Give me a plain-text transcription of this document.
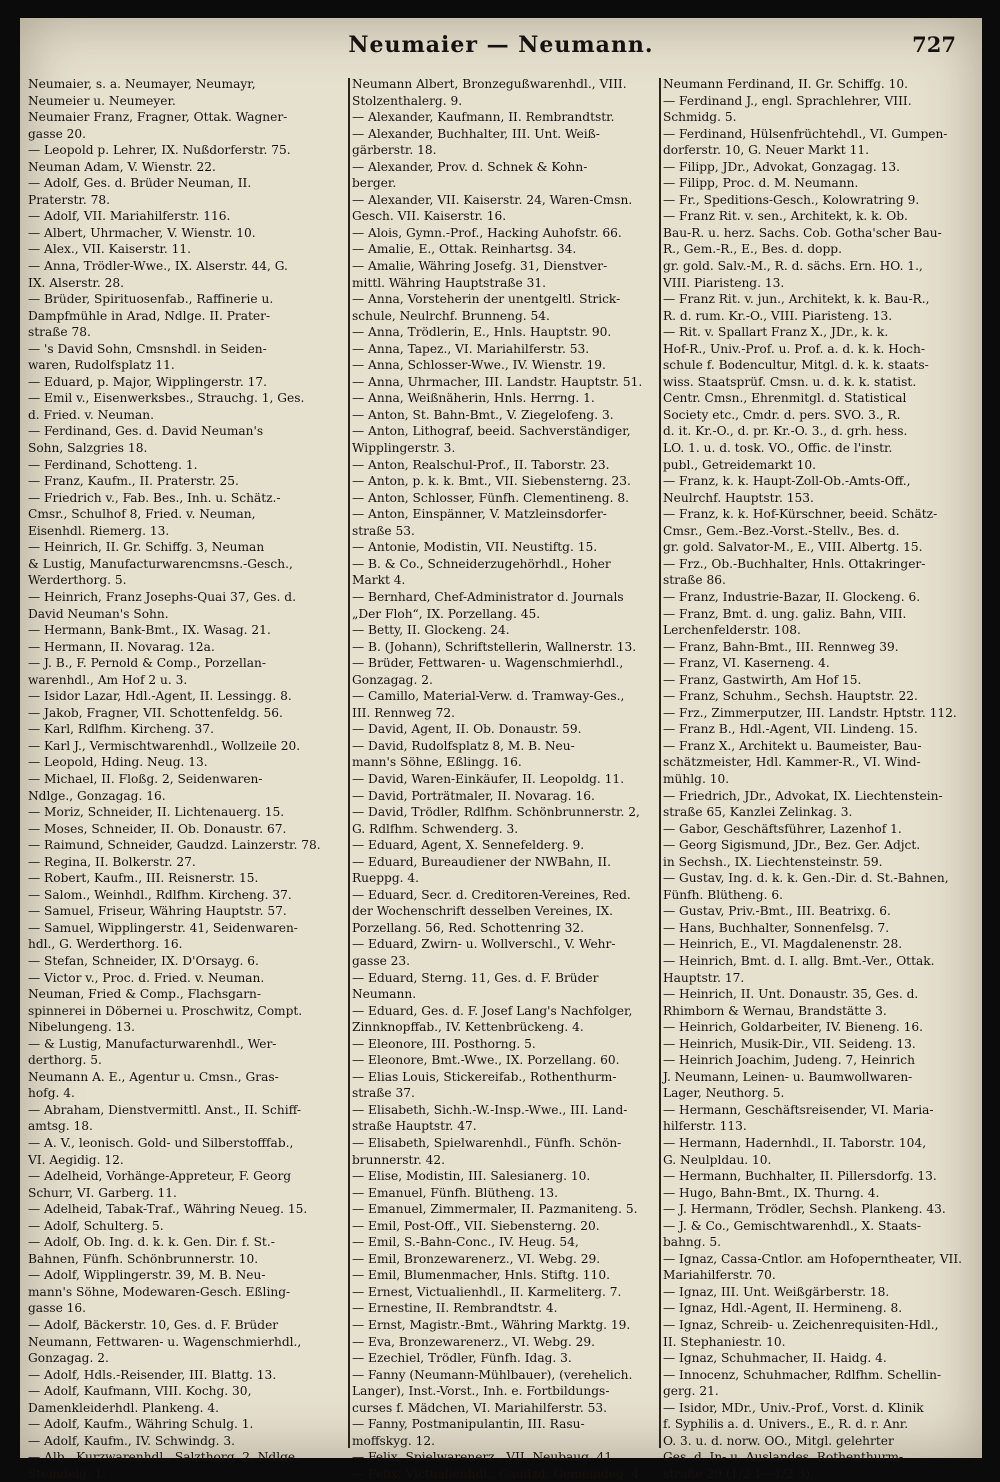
Neumaier — Neumann.	727
Neumaier, s. a. Neumayer, Neumayr,
Neumeier u. Neumeyer.
Neumaier Franz, Fragner, Ottak. Wagner-
gasse 20.
— Leopold p. Lehrer, IX. Nußdorferstr. 75.
Neuman Adam, V. Wienstr. 22.
— Adolf, Ges. d. Brüder Neuman, II.
Praterstr. 78.
— Adolf, VII. Mariahilferstr. 116.
— Albert, Uhrmacher, V. Wienstr. 10.
— Alex., VII. Kaiserstr. 11.
— Anna, Trödler-Wwe., IX. Alserstr. 44, G.
IX. Alserstr. 28.
— Brüder, Spirituosenfab., Raffinerie u.
Dampfmühle in Arad, Ndlge. II. Prater-
straße 78.
— 's David Sohn, Cmsnshdl. in Seiden-
waren, Rudolfsplatz 11.
— Eduard, p. Major, Wipplingerstr. 17.
— Emil v., Eisenwerksbes., Strauchg. 1, Ges.
d. Fried. v. Neuman.
— Ferdinand, Ges. d. David Neuman's
Sohn, Salzgries 18.
— Ferdinand, Schotteng. 1.
— Franz, Kaufm., II. Praterstr. 25.
— Friedrich v., Fab. Bes., Inh. u. Schätz.-
Cmsr., Schulhof 8, Fried. v. Neuman,
Eisenhdl. Riemerg. 13.
— Heinrich, II. Gr. Schiffg. 3, Neuman
& Lustig, Manufacturwarencmsns.-Gesch.,
Werderthorg. 5.
— Heinrich, Franz Josephs-Quai 37, Ges. d.
David Neuman's Sohn.
— Hermann, Bank-Bmt., IX. Wasag. 21.
— Hermann, II. Novarag. 12a.
— J. B., F. Pernold & Comp., Porzellan-
warenhdl., Am Hof 2 u. 3.
— Isidor Lazar, Hdl.-Agent, II. Lessingg. 8.
— Jakob, Fragner, VII. Schottenfeldg. 56.
— Karl, Rdlfhm. Kircheng. 37.
— Karl J., Vermischtwarenhdl., Wollzeile 20.
— Leopold, Hding. Neug. 13.
— Michael, II. Floßg. 2, Seidenwaren-
Ndlge., Gonzagag. 16.
— Moriz, Schneider, II. Lichtenauerg. 15.
— Moses, Schneider, II. Ob. Donaustr. 67.
— Raimund, Schneider, Gaudzd. Lainzerstr. 78.
— Regina, II. Bolkerstr. 27.
— Robert, Kaufm., III. Reisnerstr. 15.
— Salom., Weinhdl., Rdlfhm. Kircheng. 37.
— Samuel, Friseur, Währing Hauptstr. 57.
— Samuel, Wipplingerstr. 41, Seidenwaren-
hdl., G. Werderthorg. 16.
— Stefan, Schneider, IX. D'Orsayg. 6.
— Victor v., Proc. d. Fried. v. Neuman.
Neuman, Fried & Comp., Flachsgarn-
spinnerei in Döbernei u. Proschwitz, Compt.
Nibelungeng. 13.
— & Lustig, Manufacturwarenhdl., Wer-
derthorg. 5.
Neumann A. E., Agentur u. Cmsn., Gras-
hofg. 4.
— Abraham, Dienstvermittl. Anst., II. Schiff-
amtsg. 18.
— A. V., leonisch. Gold- und Silberstofffab.,
VI. Aegidig. 12.
— Adelheid, Vorhänge-Appreteur, F. Georg
Schurr, VI. Garberg. 11.
— Adelheid, Tabak-Traf., Währing Neueg. 15.
— Adolf, Schulterg. 5.
— Adolf, Ob. Ing. d. k. k. Gen. Dir. f. St.-
Bahnen, Fünfh. Schönbrunnerstr. 10.
— Adolf, Wipplingerstr. 39, M. B. Neu-
mann's Söhne, Modewaren-Gesch. Eßling-
gasse 16.
— Adolf, Bäckerstr. 10, Ges. d. F. Brüder
Neumann, Fettwaren- u. Wagenschmierhdl.,
Gonzagag. 2.
— Adolf, Hdls.-Reisender, III. Blattg. 13.
— Adolf, Kaufmann, VIII. Kochg. 30,
Damenkleiderhdl. Plankeng. 4.
— Adolf, Kaufm., Währing Schulg. 1.
— Adolf, Kaufm., IV. Schwindg. 3.
— Alb., Kurzwarenhdl., Salzthorg. 2, Ndlge.
Steindelg. 1.
Neumann Albert, Bronzegußwarenhdl., VIII.
Stolzenthalerg. 9.
— Alexander, Kaufmann, II. Rembrandtstr.
— Alexander, Buchhalter, III. Unt. Weiß-
gärberstr. 18.
— Alexander, Prov. d. Schnek & Kohn-
berger.
— Alexander, VII. Kaiserstr. 24, Waren-Cmsn.
Gesch. VII. Kaiserstr. 16.
— Alois, Gymn.-Prof., Hacking Auhofstr. 66.
— Amalie, E., Ottak. Reinhartsg. 34.
— Amalie, Währing Josefg. 31, Dienstver-
mittl. Währing Hauptstraße 31.
— Anna, Vorsteherin der unentgeltl. Strick-
schule, Neulrchf. Brunneng. 54.
— Anna, Trödlerin, E., Hnls. Hauptstr. 90.
— Anna, Tapez., VI. Mariahilferstr. 53.
— Anna, Schlosser-Wwe., IV. Wienstr. 19.
— Anna, Uhrmacher, III. Landstr. Hauptstr. 51.
— Anna, Weißnäherin, Hnls. Herrng. 1.
— Anton, St. Bahn-Bmt., V. Ziegelofeng. 3.
— Anton, Lithograf, beeid. Sachverständiger,
Wipplingerstr. 3.
— Anton, Realschul-Prof., II. Taborstr. 23.
— Anton, p. k. k. Bmt., VII. Siebensterng. 23.
— Anton, Schlosser, Fünfh. Clementineng. 8.
— Anton, Einspänner, V. Matzleinsdorfer-
straße 53.
— Antonie, Modistin, VII. Neustiftg. 15.
— B. & Co., Schneiderzugehörhdl., Hoher
Markt 4.
— Bernhard, Chef-Administrator d. Journals
„Der Floh“, IX. Porzellang. 45.
— Betty, II. Glockeng. 24.
— B. (Johann), Schriftstellerin, Wallnerstr. 13.
— Brüder, Fettwaren- u. Wagenschmierhdl.,
Gonzagag. 2.
— Camillo, Material-Verw. d. Tramway-Ges.,
III. Rennweg 72.
— David, Agent, II. Ob. Donaustr. 59.
— David, Rudolfsplatz 8, M. B. Neu-
mann's Söhne, Eßlingg. 16.
— David, Waren-Einkäufer, II. Leopoldg. 11.
— David, Porträtmaler, II. Novarag. 16.
— David, Trödler, Rdlfhm. Schönbrunnerstr. 2,
G. Rdlfhm. Schwenderg. 3.
— Eduard, Agent, X. Sennefelderg. 9.
— Eduard, Bureaudiener der NWBahn, II.
Rueppg. 4.
— Eduard, Secr. d. Creditoren-Vereines, Red.
der Wochenschrift desselben Vereines, IX.
Porzellang. 56, Red. Schottenring 32.
— Eduard, Zwirn- u. Wollverschl., V. Wehr-
gasse 23.
— Eduard, Sterng. 11, Ges. d. F. Brüder
Neumann.
— Eduard, Ges. d. F. Josef Lang's Nachfolger,
Zinnknopffab., IV. Kettenbrückeng. 4.
— Eleonore, III. Posthorng. 5.
— Eleonore, Bmt.-Wwe., IX. Porzellang. 60.
— Elias Louis, Stickereifab., Rothenthurm-
straße 37.
— Elisabeth, Sichh.-W.-Insp.-Wwe., III. Land-
straße Hauptstr. 47.
— Elisabeth, Spielwarenhdl., Fünfh. Schön-
brunnerstr. 42.
— Elise, Modistin, III. Salesianerg. 10.
— Emanuel, Fünfh. Blütheng. 13.
— Emanuel, Zimmermaler, II. Pazmaniteng. 5.
— Emil, Post-Off., VII. Siebensterng. 20.
— Emil, S.-Bahn-Conc., IV. Heug. 54,
— Emil, Bronzewarenerz., VI. Webg. 29.
— Emil, Blumenmacher, Hnls. Stiftg. 110.
— Ernest, Victualienhdl., II. Karmeliterg. 7.
— Ernestine, II. Rembrandtstr. 4.
— Ernst, Magistr.-Bmt., Währing Marktg. 19.
— Eva, Bronzewarenerz., VI. Webg. 29.
— Ezechiel, Trödler, Fünfh. Idag. 3.
— Fanny (Neumann-Mühlbauer), (verehelich.
Langer), Inst.-Vorst., Inh. e. Fortbildungs-
curses f. Mädchen, VI. Mariahilferstr. 53.
— Fanny, Postmanipulantin, III. Rasu-
moffskyg. 12.
— Felix, Spielwarenerz., VII. Neubaug. 41.
— Felix, Victualienhdl., Gaudzd. Gemeindeg. 4.
Neumann Ferdinand, II. Gr. Schiffg. 10.
— Ferdinand J., engl. Sprachlehrer, VIII.
Schmidg. 5.
— Ferdinand, Hülsenfrüchtehdl., VI. Gumpen-
dorferstr. 10, G. Neuer Markt 11.
— Filipp, JDr., Advokat, Gonzagag. 13.
— Filipp, Proc. d. M. Neumann.
— Fr., Speditions-Gesch., Kolowratring 9.
— Franz Rit. v. sen., Architekt, k. k. Ob.
Bau-R. u. herz. Sachs. Cob. Gotha'scher Bau-
R., Gem.-R., E., Bes. d. dopp.
gr. gold. Salv.-M., R. d. sächs. Ern. HO. 1.,
VIII. Piaristeng. 13.
— Franz Rit. v. jun., Architekt, k. k. Bau-R.,
R. d. rum. Kr.-O., VIII. Piaristeng. 13.
— Rit. v. Spallart Franz X., JDr., k. k.
Hof-R., Univ.-Prof. u. Prof. a. d. k. k. Hoch-
schule f. Bodencultur, Mitgl. d. k. k. staats-
wiss. Staatsprüf. Cmsn. u. d. k. k. statist.
Centr. Cmsn., Ehrenmitgl. d. Statistical
Society etc., Cmdr. d. pers. SVO. 3., R.
d. it. Kr.-O., d. pr. Kr.-O. 3., d. grh. hess.
LO. 1. u. d. tosk. VO., Offic. de l'instr.
publ., Getreidemarkt 10.
— Franz, k. k. Haupt-Zoll-Ob.-Amts-Off.,
Neulrchf. Hauptstr. 153.
— Franz, k. k. Hof-Kürschner, beeid. Schätz-
Cmsr., Gem.-Bez.-Vorst.-Stellv., Bes. d.
gr. gold. Salvator-M., E., VIII. Albertg. 15.
— Frz., Ob.-Buchhalter, Hnls. Ottakringer-
straße 86.
— Franz, Industrie-Bazar, II. Glockeng. 6.
— Franz, Bmt. d. ung. galiz. Bahn, VIII.
Lerchenfelderstr. 108.
— Franz, Bahn-Bmt., III. Rennweg 39.
— Franz, VI. Kaserneng. 4.
— Franz, Gastwirth, Am Hof 15.
— Franz, Schuhm., Sechsh. Hauptstr. 22.
— Frz., Zimmerputzer, III. Landstr. Hptstr. 112.
— Franz B., Hdl.-Agent, VII. Lindeng. 15.
— Franz X., Architekt u. Baumeister, Bau-
schätzmeister, Hdl. Kammer-R., VI. Wind-
mühlg. 10.
— Friedrich, JDr., Advokat, IX. Liechtenstein-
straße 65, Kanzlei Zelinkag. 3.
— Gabor, Geschäftsführer, Lazenhof 1.
— Georg Sigismund, JDr., Bez. Ger. Adjct.
in Sechsh., IX. Liechtensteinstr. 59.
— Gustav, Ing. d. k. k. Gen.-Dir. d. St.-Bahnen,
Fünfh. Blütheng. 6.
— Gustav, Priv.-Bmt., III. Beatrixg. 6.
— Hans, Buchhalter, Sonnenfelsg. 7.
— Heinrich, E., VI. Magdalenenstr. 28.
— Heinrich, Bmt. d. I. allg. Bmt.-Ver., Ottak.
Hauptstr. 17.
— Heinrich, II. Unt. Donaustr. 35, Ges. d.
Rhimborn & Wernau, Brandstätte 3.
— Heinrich, Goldarbeiter, IV. Bieneng. 16.
— Heinrich, Musik-Dir., VII. Seideng. 13.
— Heinrich Joachim, Judeng. 7, Heinrich
J. Neumann, Leinen- u. Baumwollwaren-
Lager, Neuthorg. 5.
— Hermann, Geschäftsreisender, VI. Maria-
hilferstr. 113.
— Hermann, Hadernhdl., II. Taborstr. 104,
G. Neulpldau. 10.
— Hermann, Buchhalter, II. Pillersdorfg. 13.
— Hugo, Bahn-Bmt., IX. Thurng. 4.
— J. Hermann, Trödler, Sechsh. Plankeng. 43.
— J. & Co., Gemischtwarenhdl., X. Staats-
bahng. 5.
— Ignaz, Cassa-Cntlor. am Hofoperntheater, VII.
Mariahilferstr. 70.
— Ignaz, III. Unt. Weißgärberstr. 18.
— Ignaz, Hdl.-Agent, II. Hermineng. 8.
— Ignaz, Schreib- u. Zeichenrequisiten-Hdl.,
II. Stephaniestr. 10.
— Ignaz, Schuhmacher, II. Haidg. 4.
— Innocenz, Schuhmacher, Rdlfhm. Schellin-
gerg. 21.
— Isidor, MDr., Univ.-Prof., Vorst. d. Klinik
f. Syphilis a. d. Univers., E., R. d. r. Anr.
O. 3. u. d. norw. OO., Mitgl. gelehrter
Ges. d. In- u. Auslandes, Rothenthurm-
straße 29 (1/2 1—1/2 3).
